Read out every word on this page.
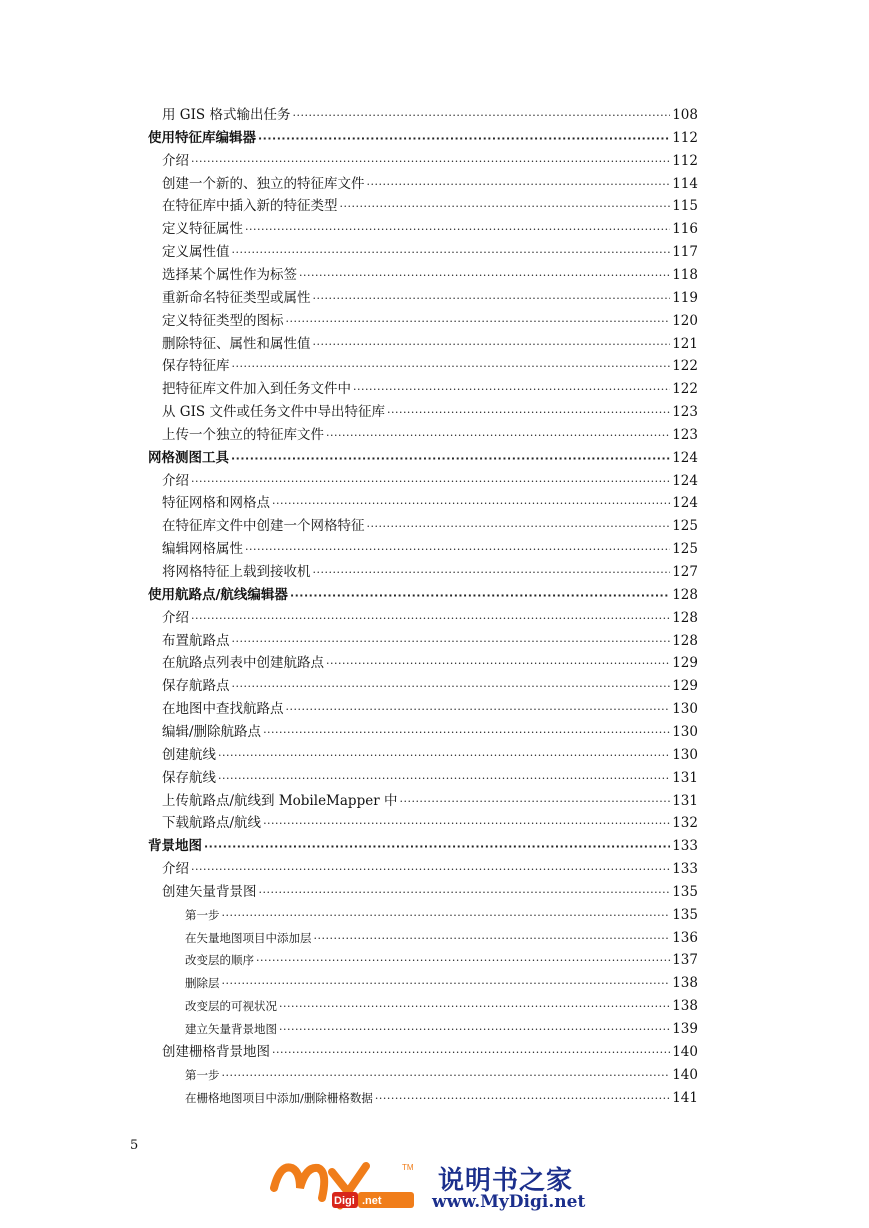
用 GIS 格式输出任务 ·····	108
使用特征库编辑器 ·····	112
介绍 ·····	112
创建一个新的、独立的特征库文件 ·····	114
在特征库中插入新的特征类型 ·····	115
定义特征属性 ·····	116
定义属性值 ·····	117
选择某个属性作为标签 ·····	118
重新命名特征类型或属性 ·····	119
定义特征类型的图标 ·····	120
删除特征、属性和属性值 ·····	121
保存特征库 ·····	122
把特征库文件加入到任务文件中 ·····	122
从 GIS 文件或任务文件中导出特征库 ·····	123
上传一个独立的特征库文件 ·····	123
网格测图工具 ·····	124
介绍 ·····	124
特征网格和网格点 ·····	124
在特征库文件中创建一个网格特征 ·····	125
编辑网格属性 ·····	125
将网格特征上载到接收机 ·····	127
使用航路点/航线编辑器 ·····	128
介绍 ·····	128
布置航路点 ·····	128
在航路点列表中创建航路点 ·····	129
保存航路点 ·····	129
在地图中查找航路点 ·····	130
编辑/删除航路点 ·····	130
创建航线 ·····	130
保存航线 ·····	131
上传航路点/航线到 MobileMapper 中 ·····	131
下载航路点/航线 ·····	132
背景地图 ·····	133
介绍 ·····	133
创建矢量背景图 ·····	135
第一步 ·····	135
在矢量地图项目中添加层 ·····	136
改变层的顺序 ·····	137
删除层 ·····	138
改变层的可视状况 ·····	138
建立矢量背景地图 ·····	139
创建栅格背景地图 ·····	140
第一步 ·····	140
在栅格地图项目中添加/删除栅格数据 ·····	141
5
TM
Digi .net
说明书之家
www.MyDigi.net
